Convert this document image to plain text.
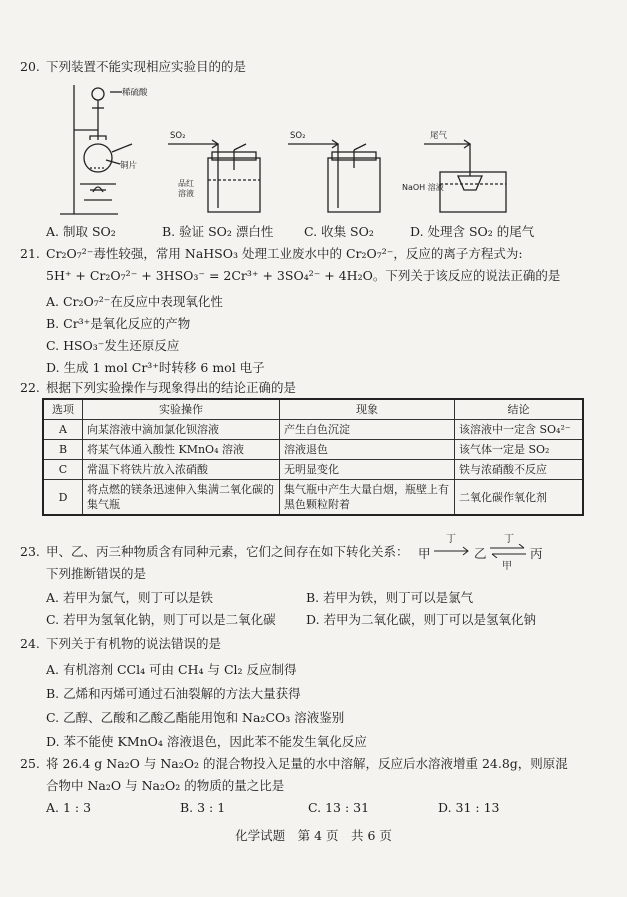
20. 下列装置不能实现相应实验目的的是
稀硫酸
铜片
SO₂
品红
溶液
SO₂	尾气
NaOH 溶液
A. 制取 SO₂	B. 验证 SO₂ 漂白性 C. 收集 SO₂	D. 处理含 SO₂ 的尾气
21. Cr₂O₇²⁻毒性较强，常用 NaHSO₃ 处理工业废水中的 Cr₂O₇²⁻，反应的离子方程式为:
5H⁺ + Cr₂O₇²⁻ + 3HSO₃⁻ = 2Cr³⁺ + 3SO₄²⁻ + 4H₂O。下列关于该反应的说法正确的是
A. Cr₂O₇²⁻在反应中表现氧化性
B. Cr³⁺是氧化反应的产物
C. HSO₃⁻发生还原反应
D. 生成 1 mol Cr³⁺时转移 6 mol 电子
22. 根据下列实验操作与现象得出的结论正确的是
选项	实验操作	现象	结论
A	向某溶液中滴加氯化钡溶液	产生白色沉淀	该溶液中一定含 SO₄²⁻
B	将某气体通入酸性 KMnO₄ 溶液	溶液退色	该气体一定是 SO₂
C	常温下将铁片放入浓硝酸	无明显变化	铁与浓硝酸不反应
D	将点燃的镁条迅速伸入集满二氧化碳的集气瓶	集气瓶中产生大量白烟，瓶壁上有黑色颗粒附着	二氧化碳作氧化剂
23. 甲、乙、丙三种物质含有同种元素，它们之间存在如下转化关系： 甲
丁
乙
丁
甲
丙
下列推断错误的是
A. 若甲为氯气，则丁可以是铁	B. 若甲为铁，则丁可以是氯气
C. 若甲为氢氧化钠，则丁可以是二氧化碳 D. 若甲为二氧化碳，则丁可以是氢氧化钠
24. 下列关于有机物的说法错误的是
A. 有机溶剂 CCl₄ 可由 CH₄ 与 Cl₂ 反应制得
B. 乙烯和丙烯可通过石油裂解的方法大量获得
C. 乙醇、乙酸和乙酸乙酯能用饱和 Na₂CO₃ 溶液鉴别
D. 苯不能使 KMnO₄ 溶液退色，因此苯不能发生氧化反应
25. 将 26.4 g Na₂O 与 Na₂O₂ 的混合物投入足量的水中溶解，反应后水溶液增重 24.8g，则原混
合物中 Na₂O 与 Na₂O₂ 的物质的量之比是
A. 1 : 3	B. 3 : 1	C. 13 : 31	D. 31 : 13
化学试题　第 4 页　共 6 页
